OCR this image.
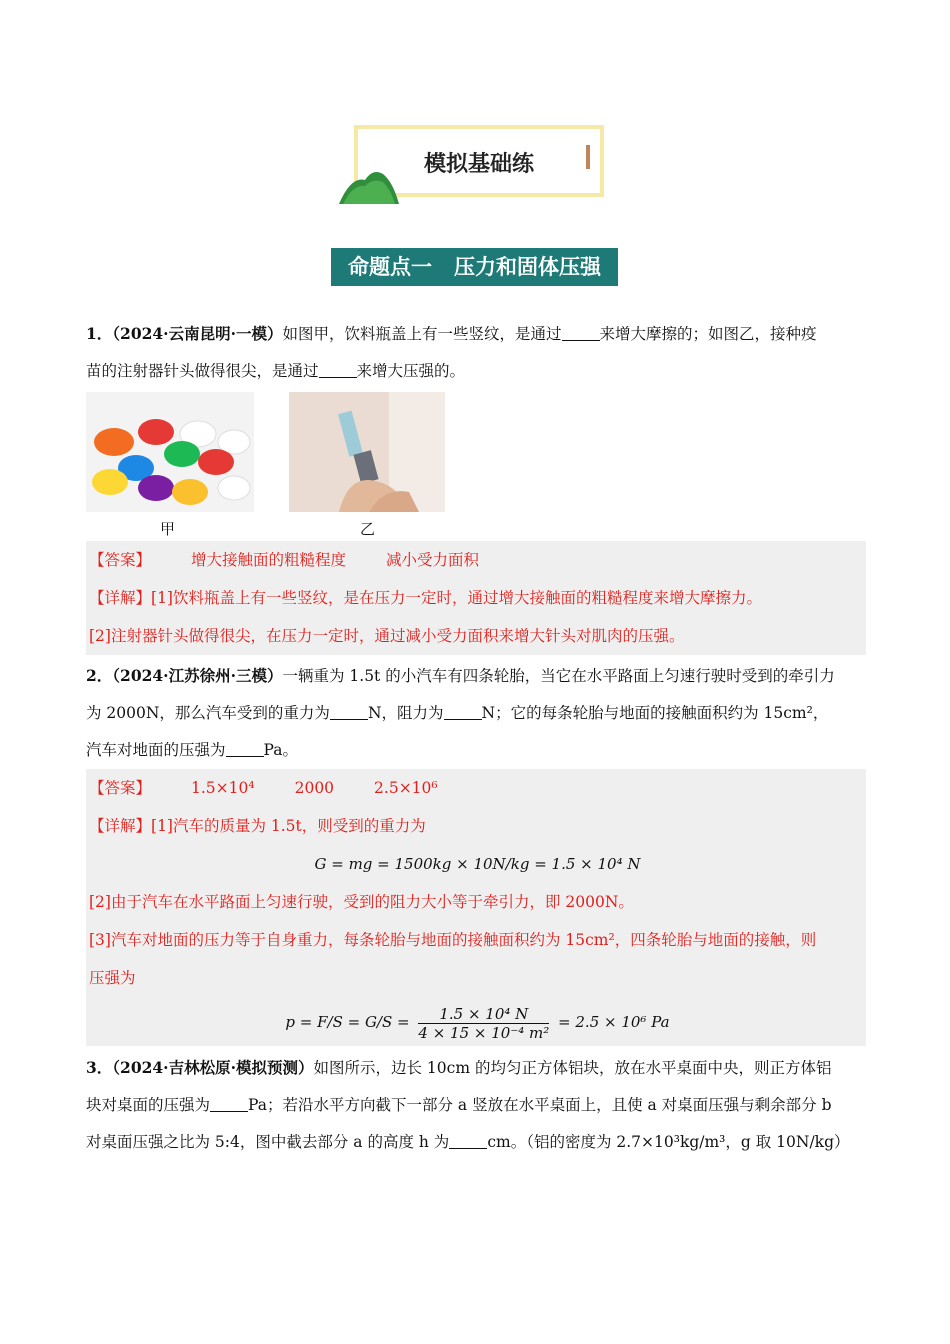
模拟基础练
命题点一   压力和固体压强
1．（2024·云南昆明·一模）如图甲，饮料瓶盖上有一些竖纹，是通过 来增大摩擦的；如图乙，接种疫
苗的注射器针头做得很尖，是通过 来增大压强的。
甲	乙
【答案】	增大接触面的粗糙程度	减小受力面积
【详解】[1]饮料瓶盖上有一些竖纹，是在压力一定时，通过增大接触面的粗糙程度来增大摩擦力。
[2]注射器针头做得很尖，在压力一定时，通过减小受力面积来增大针头对肌肉的压强。
2．（2024·江苏徐州·三模）一辆重为 1.5t 的小汽车有四条轮胎，当它在水平路面上匀速行驶时受到的牵引力
为 2000N，那么汽车受到的重力为 N，阻力为 N；它的每条轮胎与地面的接触面积约为 15cm²，
汽车对地面的压强为 Pa。
【答案】	1.5×10⁴	2000	2.5×10⁶
【详解】[1]汽车的质量为 1.5t，则受到的重力为
G = mg = 1500kg × 10N/kg = 1.5 × 10⁴ N
[2]由于汽车在水平路面上匀速行驶，受到的阻力大小等于牵引力，即 2000N。
[3]汽车对地面的压力等于自身重力，每条轮胎与地面的接触面积约为 15cm²，四条轮胎与地面的接触，则
压强为
$p = F/S = G/S = \frac{\text{1.5 × 10⁴ N}}{\text{4 × 15 × 10⁻⁴ m²}} = 2.5 \times 10^6$ Pa
3．（2024·吉林松原·模拟预测）如图所示，边长 10cm 的均匀正方体铝块，放在水平桌面中央，则正方体铝
块对桌面的压强为 Pa；若沿水平方向截下一部分 a 竖放在水平桌面上，且使 a 对桌面压强与剩余部分 b
对桌面压强之比为 5:4，图中截去部分 a 的高度 h 为 cm。（铝的密度为 2.7×10³kg/m³，g 取 10N/kg）
